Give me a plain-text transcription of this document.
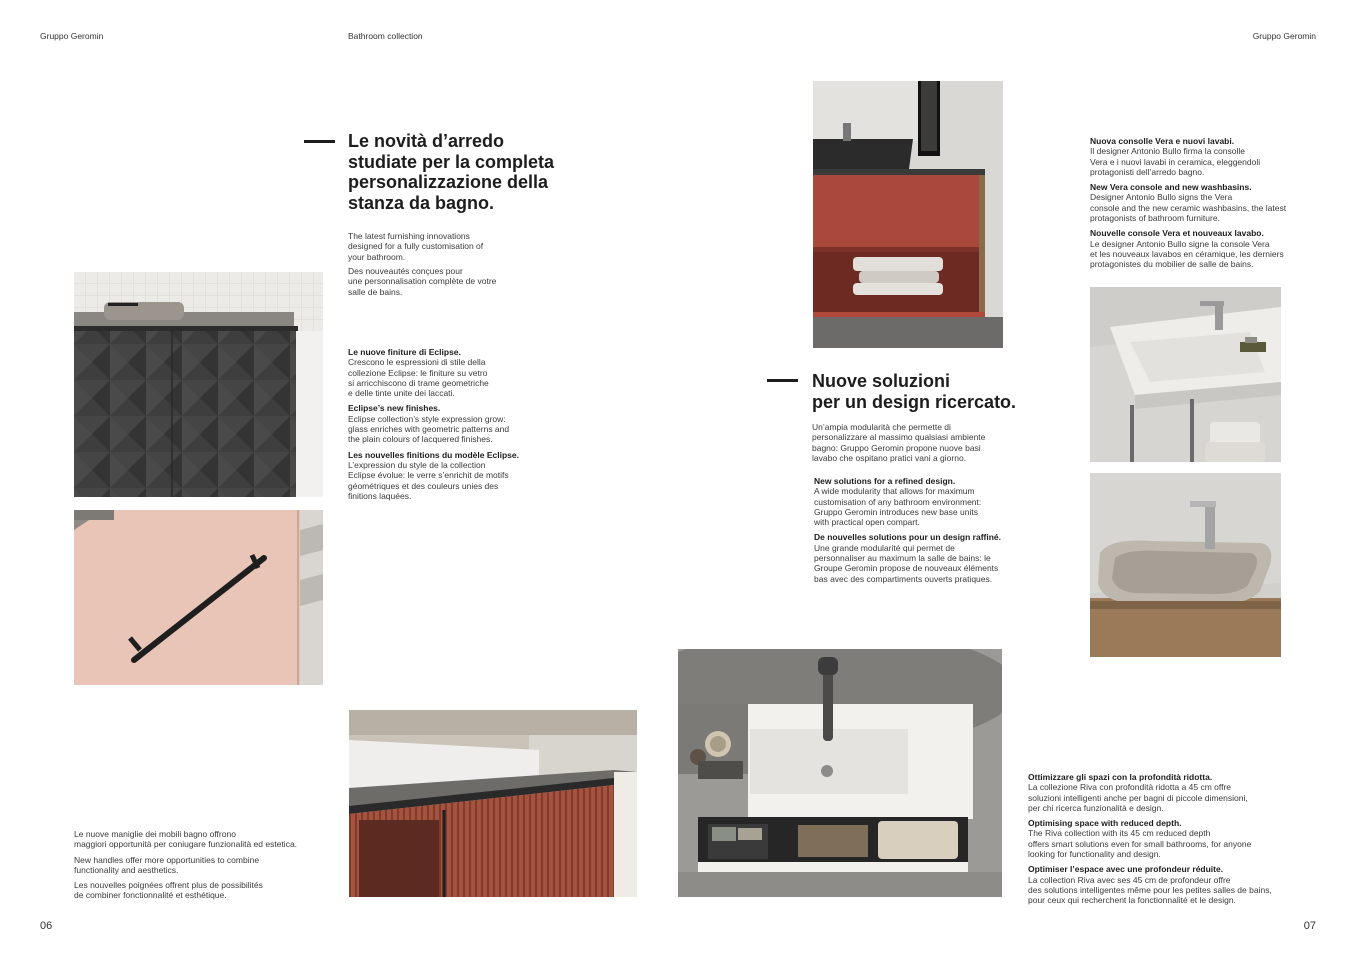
Gruppo Geromin	Bathroom collection	Gruppo Geromin
Le novità d’arredo
studiate per la completa
personalizzazione della
stanza da bagno.

The latest furnishing innovations
designed for a fully customisation of
your bathroom.

Des nouveautés conçues pour
une personnalisation complète de votre
salle de bains.

Le nuove finiture di Eclipse.
Crescono le espressioni di stile della
collezione Eclipse: le finiture su vetro
si arricchiscono di trame geometriche
e delle tinte unite dei laccati.

Eclipse’s new finishes.
Eclipse collection’s style expression grow:
glass enriches with geometric patterns and
the plain colours of lacquered finishes.

Les nouvelles finitions du modèle Eclipse.
L’expression du style de la collection
Eclipse évolue: le verre s’enrichit de motifs
géométriques et des couleurs unies des
finitions laquées.

Le nuove maniglie dei mobili bagno offrono
maggiori opportunità per coniugare funzionalità ed estetica.

New handles offer more opportunities to combine
functionality and aesthetics.

Les nouvelles poignées offrent plus de possibilités
de combiner fonctionnalité et esthétique.

06
Nuove soluzioni
per un design ricercato.

Un’ampia modularità che permette di
personalizzare al massimo qualsiasi ambiente
bagno: Gruppo Geromin propone nuove basi
lavabo che ospitano pratici vani a giorno.

New solutions for a refined design.
A wide modularity that allows for maximum
customisation of any bathroom environment:
Gruppo Geromin introduces new base units
with practical open compart.

De nouvelles solutions pour un design raffiné.
Une grande modularité qui permet de
personnaliser au maximum la salle de bains: le
Groupe Geromin propose de nouveaux éléments
bas avec des compartiments ouverts pratiques.

Nuova consolle Vera e nuovi lavabi.
Il designer Antonio Bullo firma la consolle
Vera e i nuovi lavabi in ceramica, eleggendoli
protagonisti dell’arredo bagno.

New Vera console and new washbasins.
Designer Antonio Bullo signs the Vera
console and the new ceramic washbasins, the latest
protagonists of bathroom furniture.

Nouvelle console Vera et nouveaux lavabo.
Le designer Antonio Bullo signe la console Vera
et les nouveaux lavabos en céramique, les derniers
protagonistes du mobilier de salle de bains.

Ottimizzare gli spazi con la profondità ridotta.
La collezione Riva con profondità ridotta a 45 cm offre
soluzioni intelligenti anche per bagni di piccole dimensioni,
per chi ricerca funzionalità e design.

Optimising space with reduced depth.
The Riva collection with its 45 cm reduced depth
offers smart solutions even for small bathrooms, for anyone
looking for functionality and design.

Optimiser l’espace avec une profondeur réduite.
La collection Riva avec ses 45 cm de profondeur offre
des solutions intelligentes même pour les petites salles de bains,
pour ceux qui recherchent la fonctionnalité et le design.

07
